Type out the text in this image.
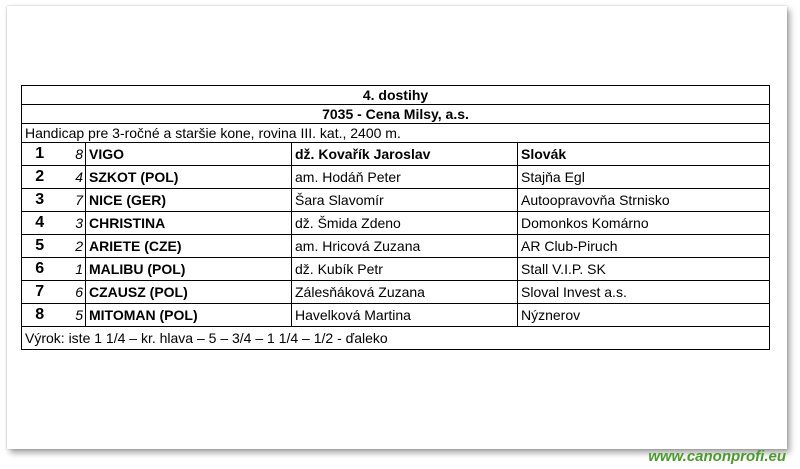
4. dostihy				
7035 - Cena Milsy, a.s.				
Handicap pre 3-ročné a staršie kone, rovina III. kat., 2400 m.				
1	8	VIGO	dž. Kovařík Jaroslav	Slovák
2	4	SZKOT (POL)	am. Hodáň Peter	Stajňa Egl
3	7	NICE (GER)	Šara Slavomír	Autoopravovňa Strnisko
4	3	CHRISTINA	dž. Šmida Zdeno	Domonkos Komárno
5	2	ARIETE (CZE)	am. Hricová Zuzana	AR Club-Piruch
6	1	MALIBU (POL)	dž. Kubík Petr	Stall V.I.P. SK
7	6	CZAUSZ (POL)	Zálesňáková Zuzana	Sloval Invest a.s.
8	5	MITOMAN (POL)	Havelková Martina	Nýznerov
Výrok: iste 1 1/4 – kr. hlava – 5 – 3/4 – 1 1/4 – 1/2 - ďaleko				
www.canonprofi.eu
